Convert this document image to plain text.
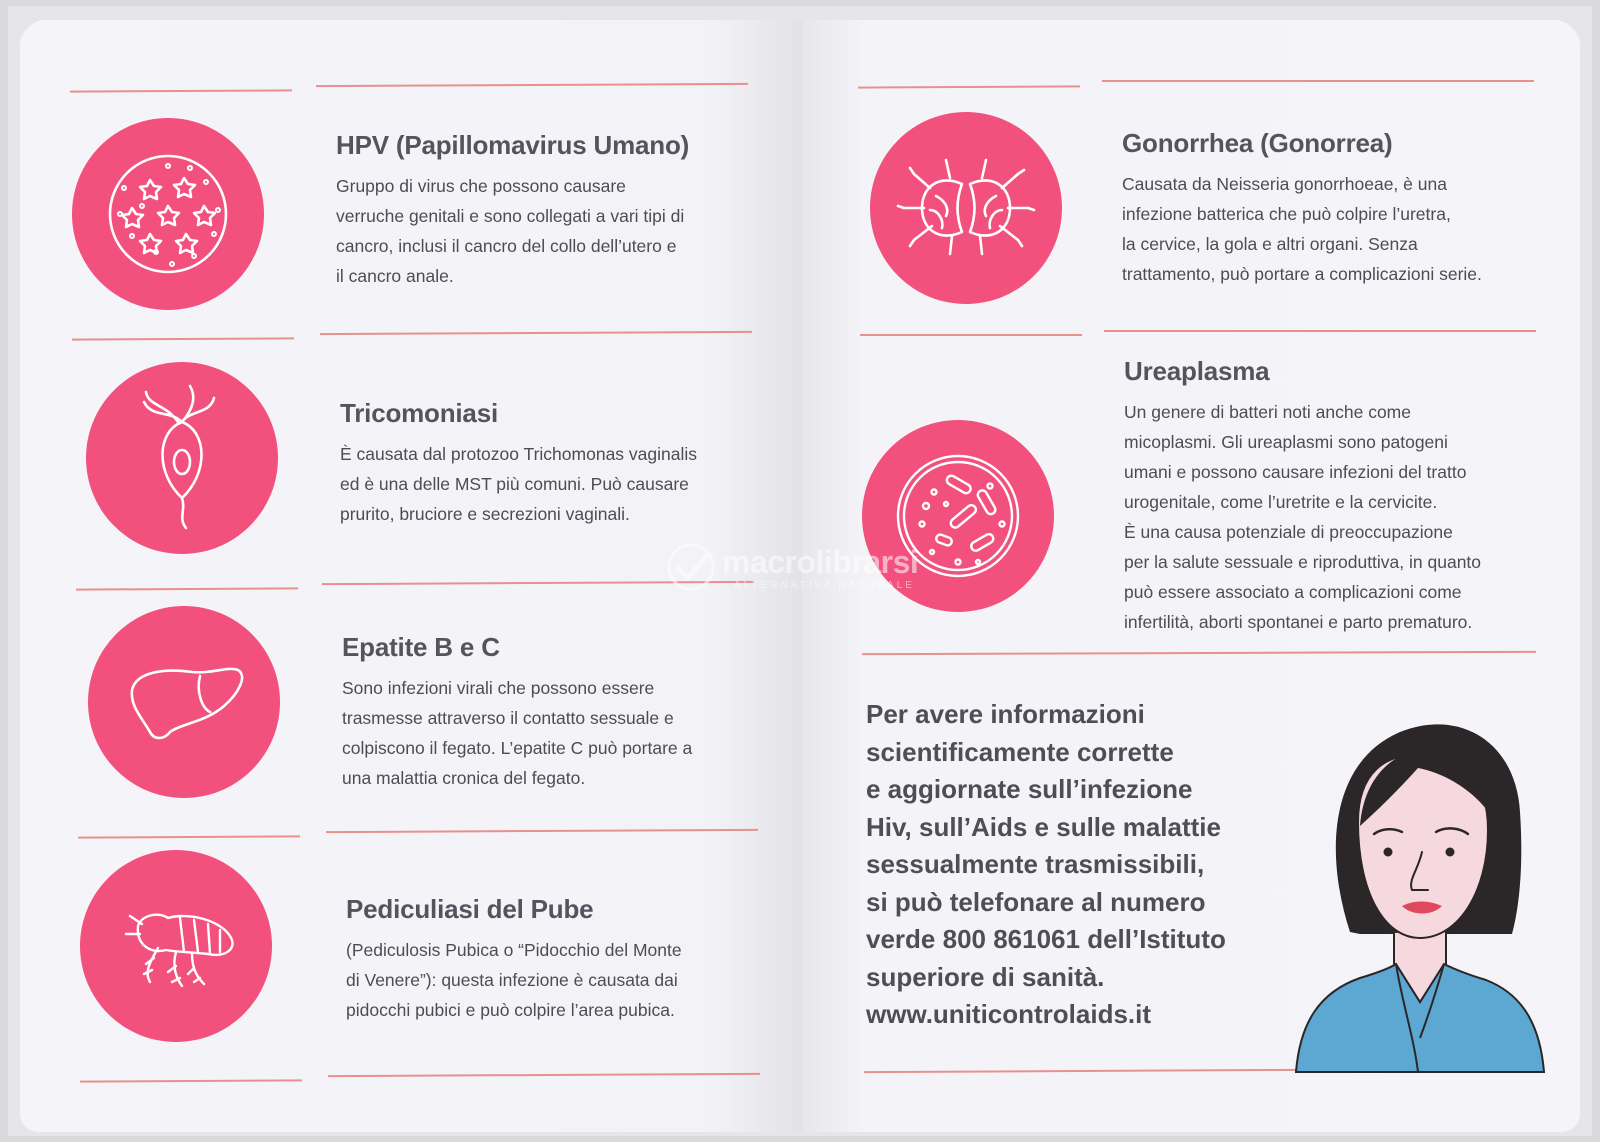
HPV (Papillomavirus Umano)

Gruppo di virus che possono causare
verruche genitali e sono collegati a vari tipi di
cancro, inclusi il cancro del collo dell’utero e
il cancro anale.

Tricomoniasi

È causata dal protozoo Trichomonas vaginalis
ed è una delle MST più comuni. Può causare
prurito, bruciore e secrezioni vaginali.

Epatite B e C

Sono infezioni virali che possono essere
trasmesse attraverso il contatto sessuale e
colpiscono il fegato. L’epatite C può portare a
una malattia cronica del fegato.

Pediculiasi del Pube

(Pediculosis Pubica o “Pidocchio del Monte
di Venere”): questa infezione è causata dai
pidocchi pubici e può colpire l’area pubica.

Gonorrhea (Gonorrea)

Causata da Neisseria gonorrhoeae, è una
infezione batterica che può colpire l’uretra,
la cervice, la gola e altri organi. Senza
trattamento, può portare a complicazioni serie.

Ureaplasma

Un genere di batteri noti anche come
micoplasmi. Gli ureaplasmi sono patogeni
umani e possono causare infezioni del tratto
urogenitale, come l’uretrite e la cervicite.
È una causa potenziale di preoccupazione
per la salute sessuale e riproduttiva, in quanto
può essere associato a complicazioni come
infertilità, aborti spontanei e parto prematuro.

Per avere informazioni
scientificamente corrette
e aggiornate sull’infezione
Hiv, sull’Aids e sulle malattie
sessualmente trasmissibili,
si può telefonare al numero
verde 800 861061 dell’Istituto
superiore di sanità.
www.uniticontrolaids.it

macrolibrarsi
ALTERNATIVA NATURALE
